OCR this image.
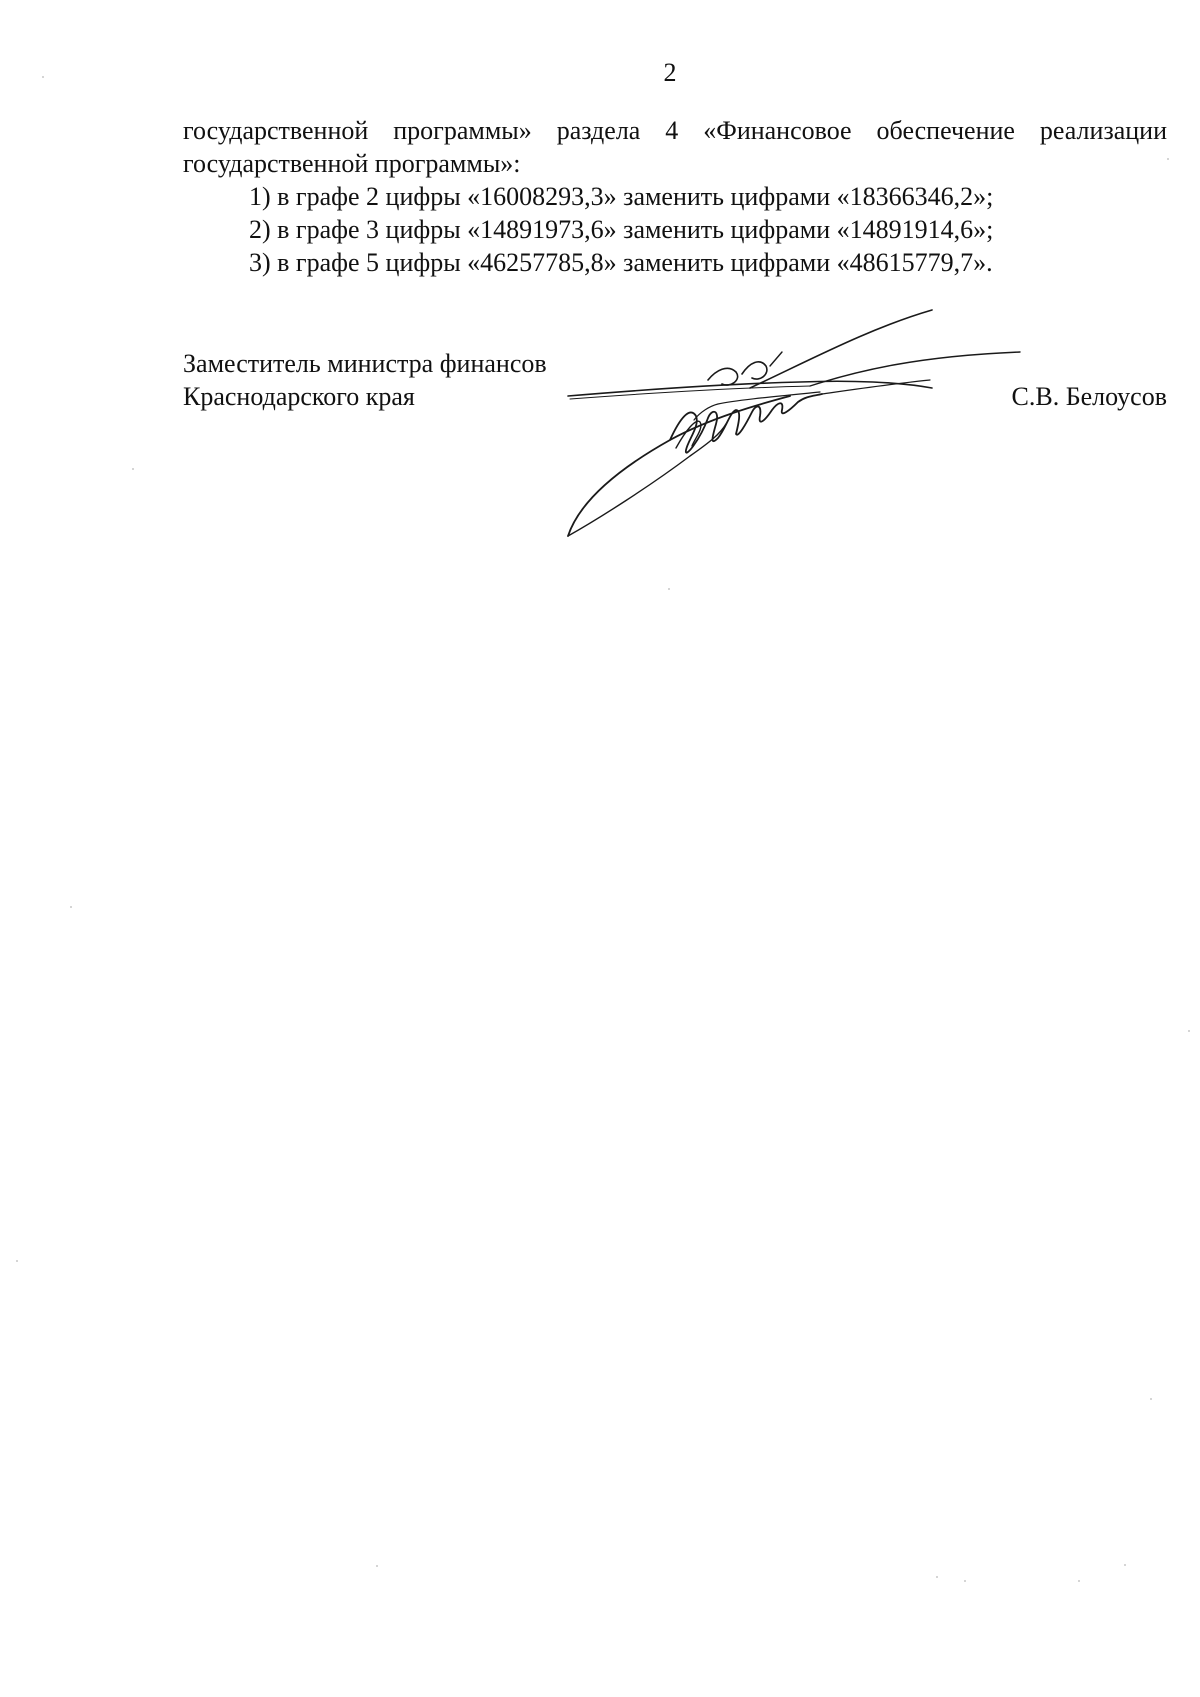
2

государственной программы» раздела 4 «Финансовое обеспечение реализации государственной программы»:

1) в графе 2 цифры «16008293,3» заменить цифрами «18366346,2»;

2) в графе 3 цифры «14891973,6» заменить цифрами «14891914,6»;

3) в графе 5 цифры «46257785,8» заменить цифрами «48615779,7».

Заместитель министра финансов
Краснодарского края	С.В. Белоусов
